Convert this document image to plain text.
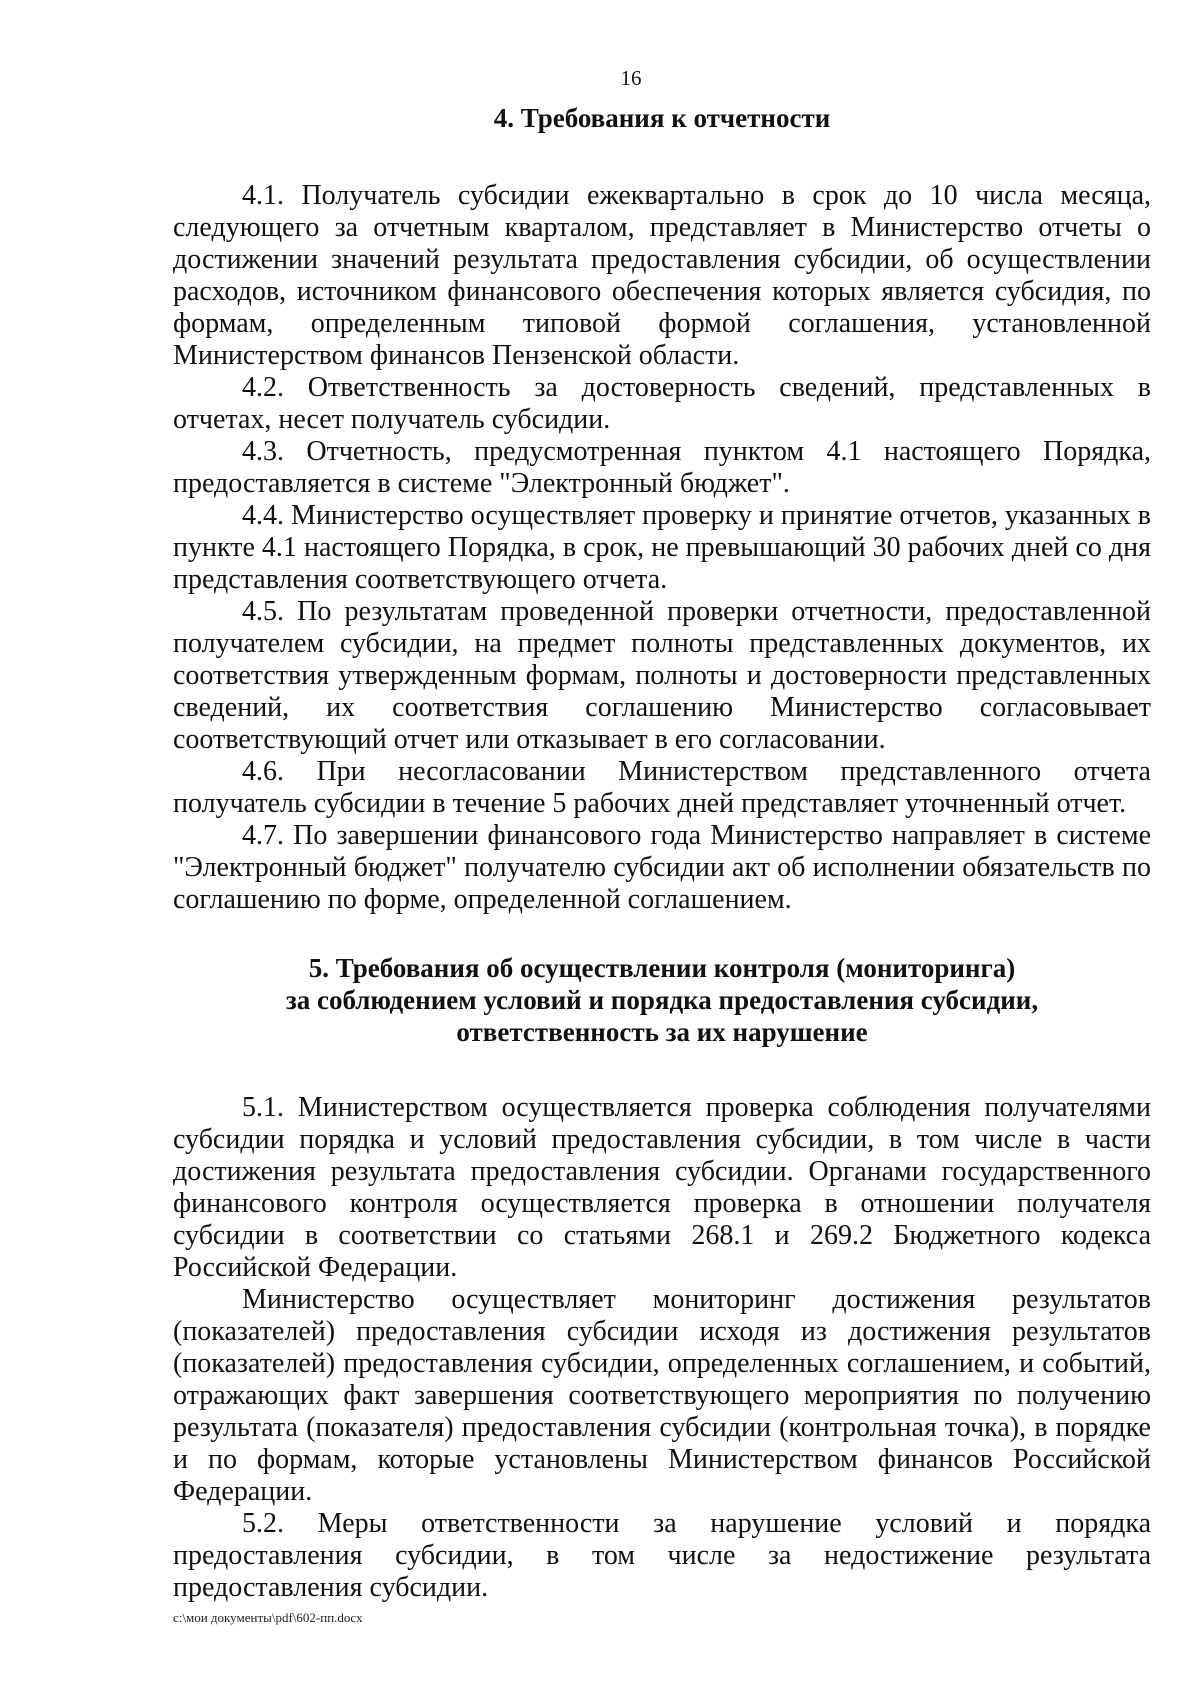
16
4. Требования к отчетности

4.1. Получатель субсидии ежеквартально в срок до 10 числа месяца, следующего за отчетным кварталом, представляет в Министерство отчеты о достижении значений результата предоставления субсидии, об осуществлении расходов, источником финансового обеспечения которых является субсидия, по формам, определенным типовой формой соглашения, установленной Министерством финансов Пензенской области.

4.2. Ответственность за достоверность сведений, представленных в отчетах, несет получатель субсидии.

4.3. Отчетность, предусмотренная пунктом 4.1 настоящего Порядка, предоставляется в системе "Электронный бюджет".

4.4. Министерство осуществляет проверку и принятие отчетов, указанных в пункте 4.1 настоящего Порядка, в срок, не превышающий 30 рабочих дней со дня представления соответствующего отчета.

4.5. По результатам проведенной проверки отчетности, предоставленной получателем субсидии, на предмет полноты представленных документов, их соответствия утвержденным формам, полноты и достоверности представленных сведений, их соответствия соглашению Министерство согласовывает соответствующий отчет или отказывает в его согласовании.

4.6. При несогласовании Министерством представленного отчета получатель субсидии в течение 5 рабочих дней представляет уточненный отчет.

4.7. По завершении финансового года Министерство направляет в системе "Электронный бюджет" получателю субсидии акт об исполнении обязательств по соглашению по форме, определенной соглашением.

5. Требования об осуществлении контроля (мониторинга)
за соблюдением условий и порядка предоставления субсидии,
ответственность за их нарушение

5.1. Министерством осуществляется проверка соблюдения получателями субсидии порядка и условий предоставления субсидии, в том числе в части достижения результата предоставления субсидии. Органами государственного финансового контроля осуществляется проверка в отношении получателя субсидии в соответствии со статьями 268.1 и 269.2 Бюджетного кодекса Российской Федерации.

Министерство осуществляет мониторинг достижения результатов (показателей) предоставления субсидии исходя из достижения результатов (показателей) предоставления субсидии, определенных соглашением, и событий, отражающих факт завершения соответствующего мероприятия по получению результата (показателя) предоставления субсидии (контрольная точка), в порядке и по формам, которые установлены Министерством финансов Российской Федерации.

5.2. Меры ответственности за нарушение условий и порядка предоставления субсидии, в том числе за недостижение результата предоставления субсидии.

c:\мои документы\pdf\602-пп.docx
